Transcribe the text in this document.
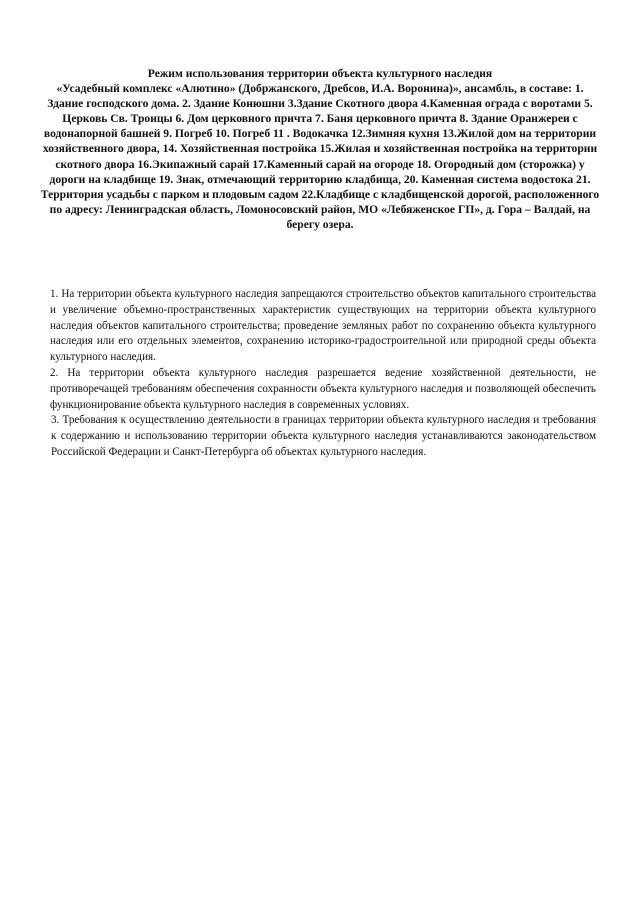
Режим использования территории объекта культурного наследия
«Усадебный комплекс «Алютино» (Добржанского, Дребсов, И.А. Воронина)», ансамбль, в составе: 1. Здание господского дома. 2. Здание Конюшни 3.Здание Скотного двора 4.Каменная ограда с воротами 5. Церковь Св. Троицы 6. Дом церковного причта 7. Баня церковного причта 8. Здание Оранжереи с водонапорной башней 9. Погреб 10. Погреб 11 . Водокачка 12.Зимняя кухня 13.Жилой дом на территории хозяйственного двора, 14. Хозяйственная постройка 15.Жилая и хозяйственная постройка на территории скотного двора 16.Экипажный сарай 17.Каменный сарай на огороде 18. Огородный дом (сторожка) у дороги на кладбище 19. Знак, отмечающий территорию кладбища, 20. Каменная система водостока 21. Территория усадьбы с парком и плодовым садом 22.Кладбище с кладбищенской дорогой, расположенного по адресу: Ленинградская область, Ломоносовский район, МО «Лебяженское ГП», д. Гора – Валдай, на берегу озера.

1. На территории объекта культурного наследия запрещаются строительство объектов капитального строительства и увеличение объемно-пространственных характеристик существующих на территории объекта культурного наследия объектов капитального строительства; проведение земляных работ по сохранению объекта культурного наследия или его отдельных элементов, сохранению историко-градостроительной или природной среды объекта культурного наследия.

2. На территории объекта культурного наследия разрешается ведение хозяйственной деятельности, не противоречащей требованиям обеспечения сохранности объекта культурного наследия и позволяющей обеспечить функционирование объекта культурного наследия в современных условиях.

3. Требования к осуществлению деятельности в границах территории объекта культурного наследия и требования к содержанию и использованию территории объекта культурного наследия устанавливаются законодательством Российской Федерации и Санкт-Петербурга об объектах культурного наследия.
